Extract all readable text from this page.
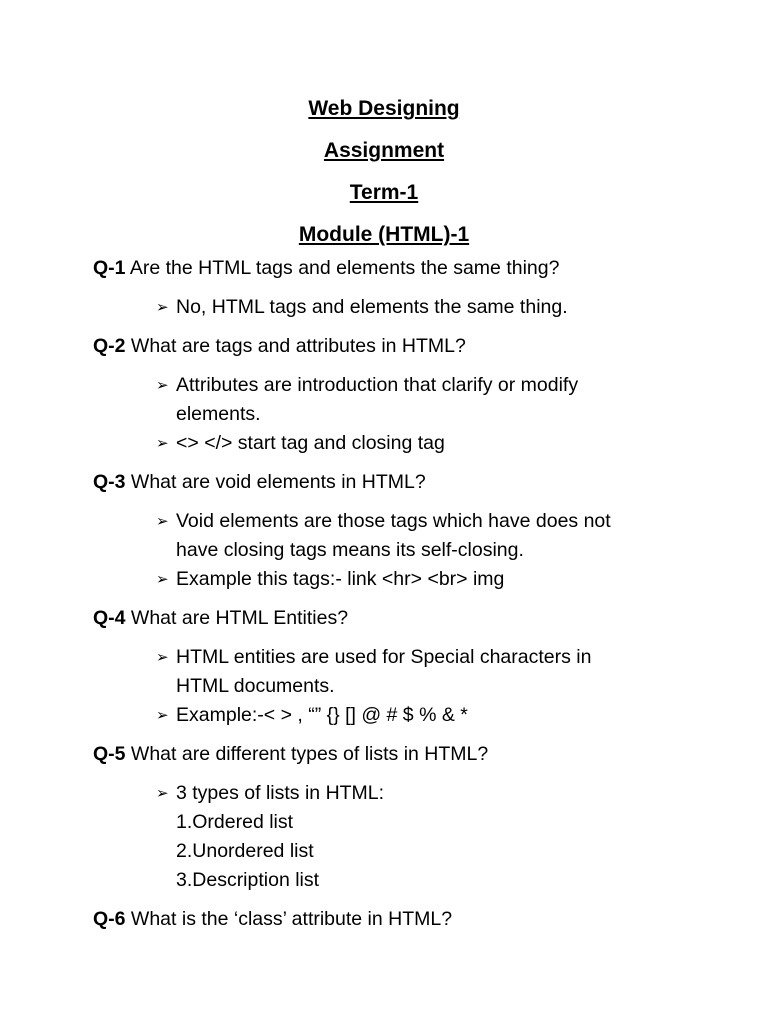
Web Designing
Assignment
Term-1
Module (HTML)-1

Q-1 Are the HTML tags and elements the same thing?

➢ No, HTML tags and elements the same thing.

Q-2 What are tags and attributes in HTML?

➢ Attributes are introduction that clarify or modify
elements.
➢ <> </> start tag and closing tag

Q-3 What are void elements in HTML?

➢ Void elements are those tags which have does not
have closing tags means its self-closing.
➢ Example this tags:- link <hr> <br> img

Q-4 What are HTML Entities?

➢ HTML entities are used for Special characters in
HTML documents.
➢ Example:-< > , “” {} [] @ # $ % & *

Q-5 What are different types of lists in HTML?

➢ 3 types of lists in HTML:
1.Ordered list
2.Unordered list
3.Description list

Q-6 What is the ‘class’ attribute in HTML?
